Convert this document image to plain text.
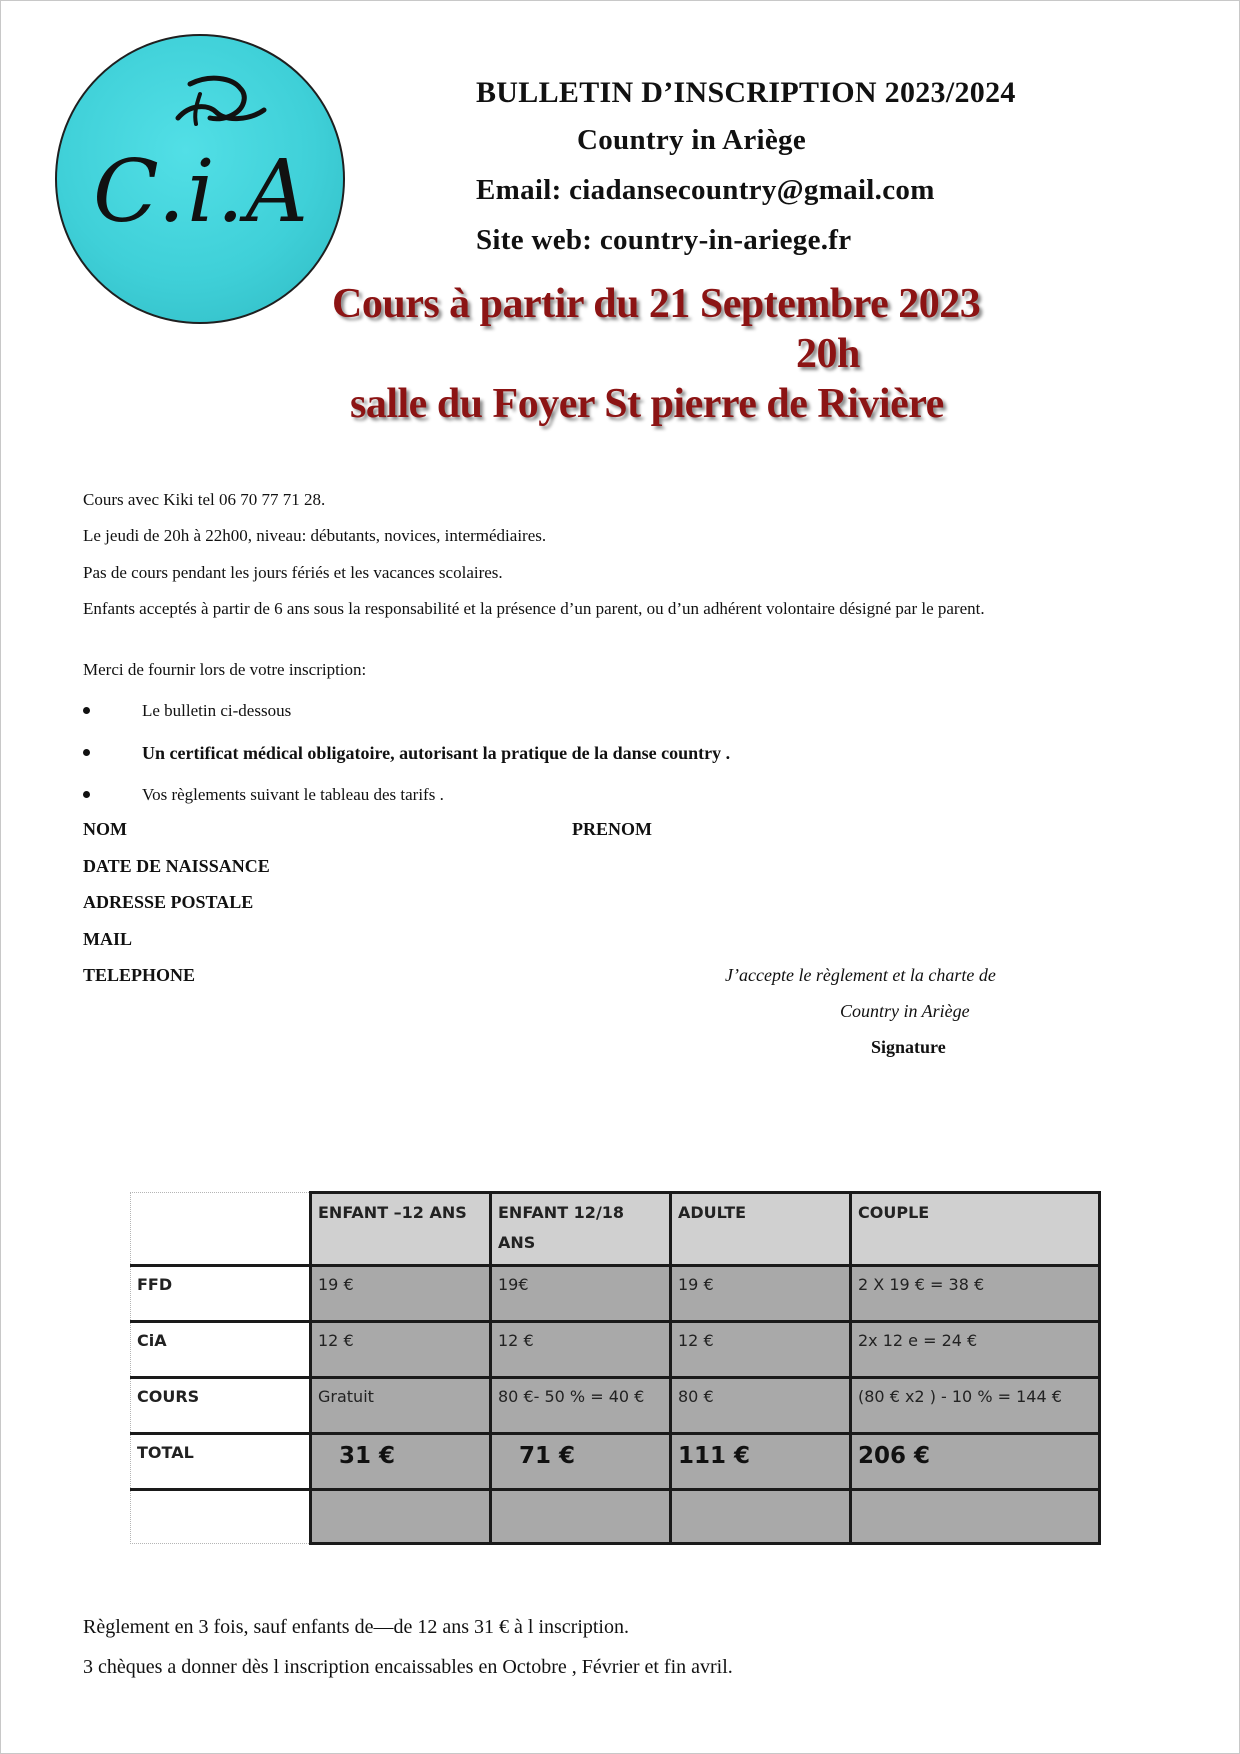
C.i.A
BULLETIN D’INSCRIPTION 2023/2024
Country in Ariège
Email: ciadansecountry@gmail.com
Site web: country-in-ariege.fr
Cours à partir du 21 Septembre 2023
20h
salle du Foyer St pierre de Rivière
Cours avec Kiki tel 06 70 77 71 28.
Le jeudi de 20h à 22h00, niveau: débutants, novices, intermédiaires.
Pas de cours pendant les jours fériés et les vacances scolaires.
Enfants acceptés à partir de 6 ans sous la responsabilité et la présence d’un parent, ou d’un adhérent volontaire désigné par le parent.
Merci de fournir lors de votre inscription:
Le bulletin ci-dessous
Un certificat médical obligatoire, autorisant la pratique de la danse country .
Vos règlements suivant le tableau des tarifs .
NOM	PRENOM
DATE DE NAISSANCE
ADRESSE POSTALE
MAIL
TELEPHONE	J’accepte le règlement et la charte de
Country in Ariège
Signature
	ENFANT –12 ANS	ENFANT 12/18 ANS	ADULTE	COUPLE
FFD	19 €	19€	19 €	2 X 19 € = 38 €
CiA	12 €	12 €	12 €	2x 12 e = 24 €
COURS	Gratuit	80 €- 50 % = 40 €	80 €	(80 € x2 ) - 10 % = 144 €
TOTAL	31 €	71 €	111 €	206 €

Règlement en 3 fois, sauf enfants de—de 12 ans 31 € à l inscription.
3 chèques a donner dès l inscription encaissables en Octobre , Février et fin avril.
